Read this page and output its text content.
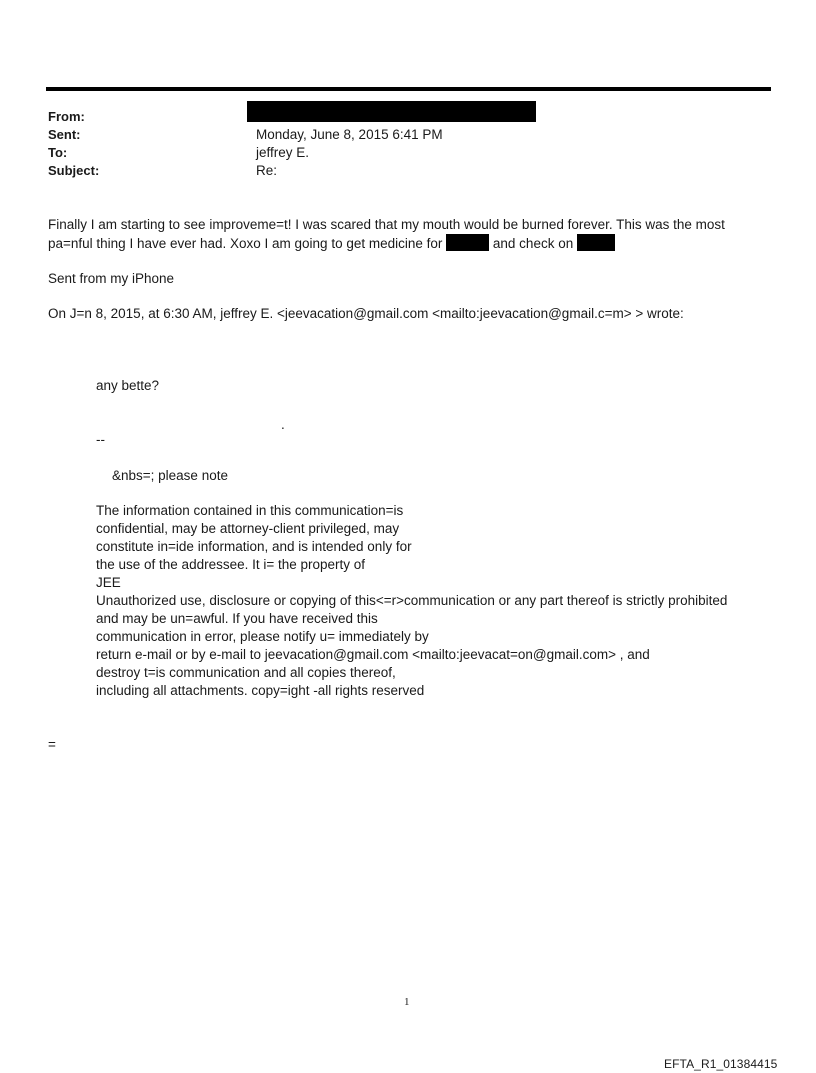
From:
Sent:	Monday, June 8, 2015 6:41 PM
To:	jeffrey E.
Subject:	Re:
Finally I am starting to see improveme=t! I was scared that my mouth would be burned forever. This was the most
pa=nful thing I have ever had. Xoxo I am going to get medicine for	and check on
Sent from my iPhone
On J=n 8, 2015, at 6:30 AM, jeffrey E. <jeevacation@gmail.com <mailto:jeevacation@gmail.c=m> > wrote:
any bette?
.
--
&nbs=; please note
The information contained in this communication=is
confidential, may be attorney-client privileged, may
constitute in=ide information, and is intended only for
the use of the addressee. It i= the property of
JEE
Unauthorized use, disclosure or copying of this<=r>communication or any part thereof is strictly prohibited
and may be un=awful. If you have received this
communication in error, please notify u= immediately by
return e-mail or by e-mail to jeevacation@gmail.com <mailto:jeevacat=on@gmail.com> , and
destroy t=is communication and all copies thereof,
including all attachments. copy=ight -all rights reserved
=
1
EFTA_R1_01384415
